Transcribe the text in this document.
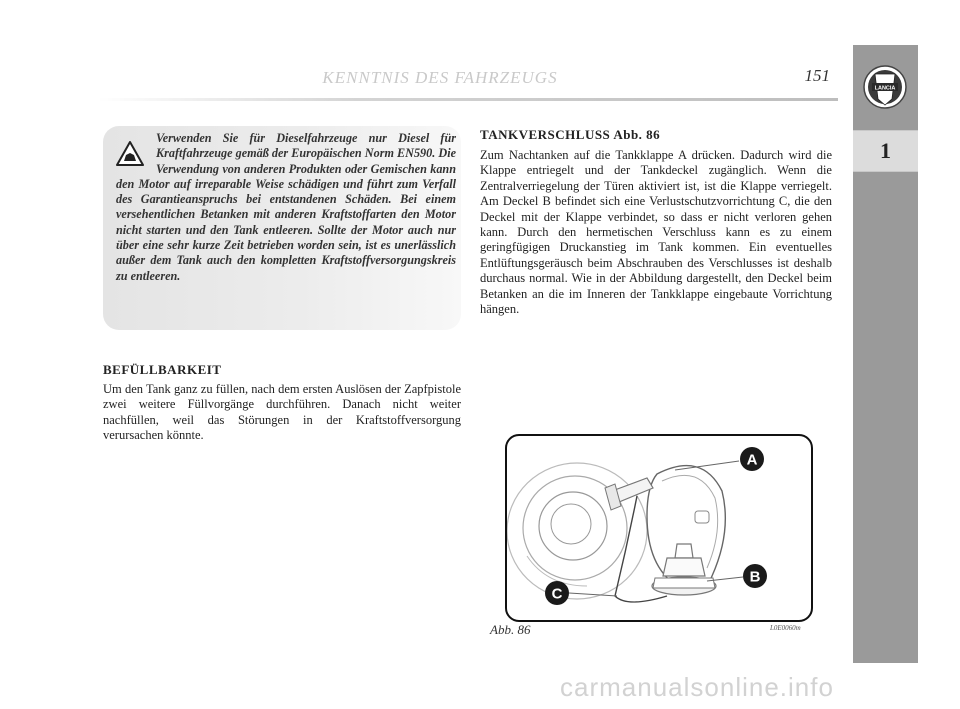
KENNTNIS DES FAHRZEUGS	151
LANCIA
1
Verwenden Sie für Dieselfahrzeuge nur Diesel für Kraftfahrzeuge gemäß der Europäischen Norm EN590. Die Verwendung von anderen Produkten oder Gemischen kann den Motor auf irreparable Weise schädigen und führt zum Verfall des Garantieanspruchs bei entstandenen Schäden. Bei einem versehentlichen Betanken mit anderen Kraftstoffarten den Motor nicht starten und den Tank entleeren. Sollte der Motor auch nur über eine sehr kurze Zeit betrieben worden sein, ist es unerlässlich außer dem Tank auch den kompletten Kraftstoffversorgungskreis zu entleeren.
BEFÜLLBARKEIT
Um den Tank ganz zu füllen, nach dem ersten Auslösen der Zapfpistole zwei weitere Füllvorgänge durchführen. Danach nicht weiter nachfüllen, weil das Störungen in der Kraftstoffversorgung verursachen könnte.
TANKVERSCHLUSS Abb. 86
Zum Nachtanken auf die Tankklappe A drücken. Dadurch wird die Klappe entriegelt und der Tankdeckel zugänglich. Wenn die Zentralverriegelung der Türen aktiviert ist, ist die Klappe verriegelt. Am Deckel B befindet sich eine Verlustschutzvorrichtung C, die den Deckel mit der Klappe verbindet, so dass er nicht verloren gehen kann. Durch den hermetischen Verschluss kann es zu einem geringfügigen Druckanstieg im Tank kommen. Ein eventuelles Entlüftungsgeräusch beim Abschrauben des Verschlusses ist deshalb durchaus normal. Wie in der Abbildung dargestellt, den Deckel beim Betanken an die im Inneren der Tankklappe eingebaute Vorrichtung hängen.
A
B
C
Abb. 86	L0E0060m
carmanualsonline.info
